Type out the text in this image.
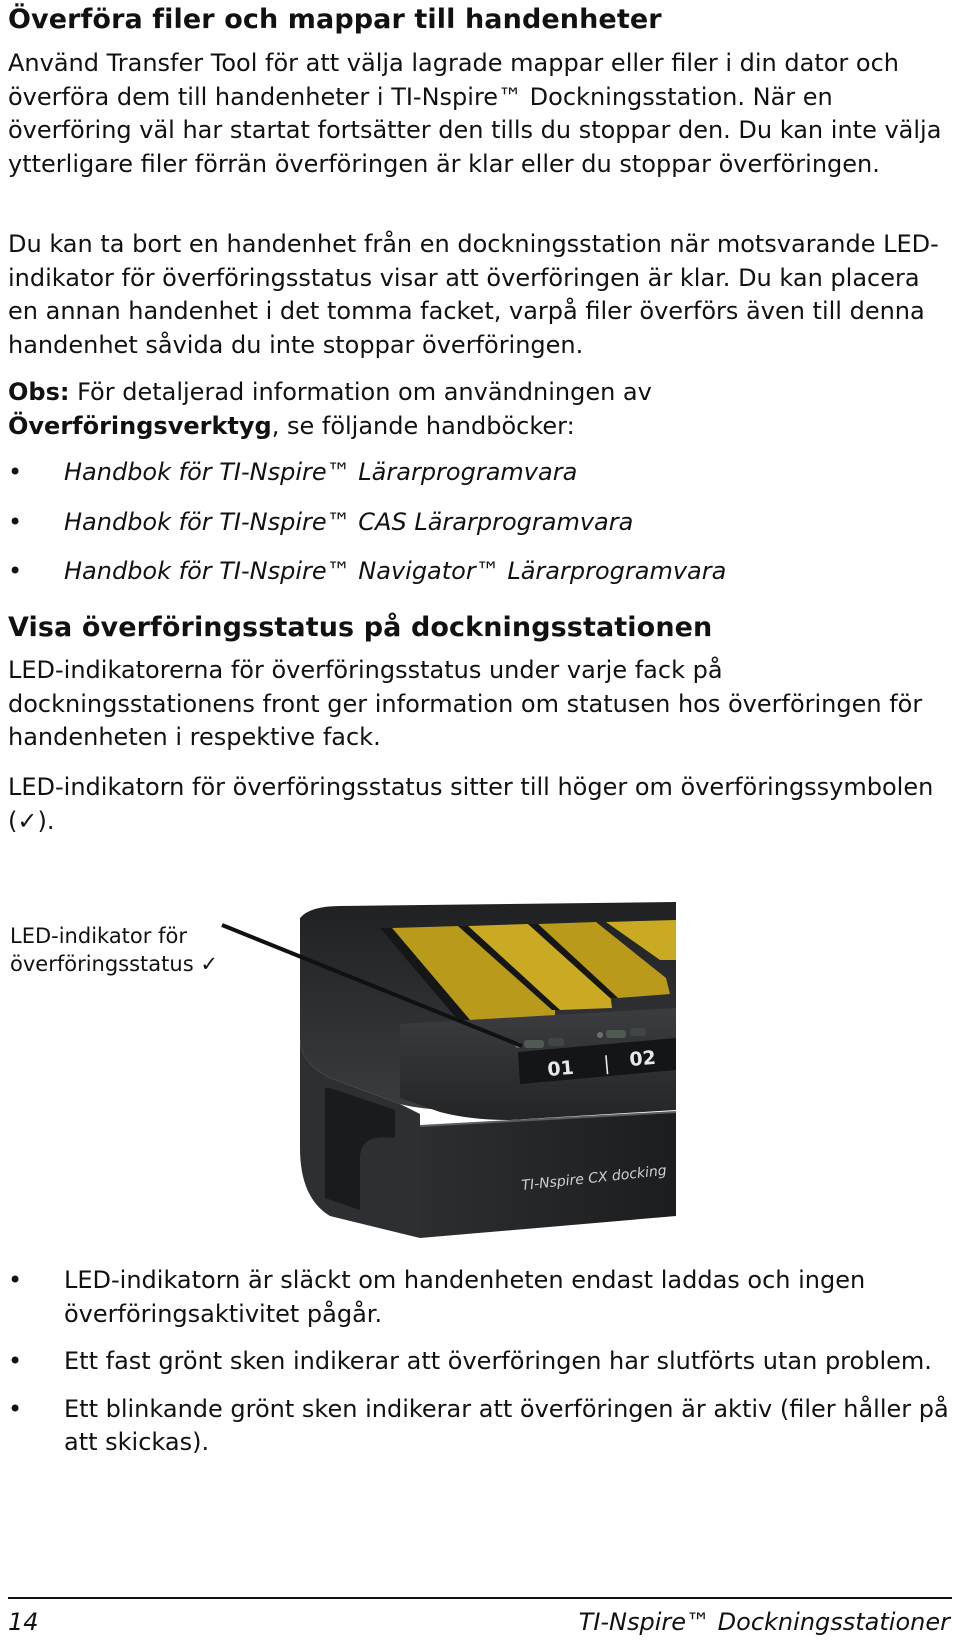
Överföra filer och mappar till handenheter

Använd Transfer Tool för att välja lagrade mappar eller filer i din dator och överföra dem till handenheter i TI-Nspire™ Dockningsstation. När en överföring väl har startat fortsätter den tills du stoppar den. Du kan inte välja ytterligare filer förrän överföringen är klar eller du stoppar överföringen.

Du kan ta bort en handenhet från en dockningsstation när motsvarande LED-indikator för överföringsstatus visar att överföringen är klar. Du kan placera en annan handenhet i det tomma facket, varpå filer överförs även till denna handenhet såvida du inte stoppar överföringen.

Obs: För detaljerad information om användningen av
Överföringsverktyg, se följande handböcker:

• Handbok för TI-Nspire™ Lärarprogramvara
• Handbok för TI-Nspire™ CAS Lärarprogramvara
• Handbok för TI-Nspire™ Navigator™ Lärarprogramvara
Visa överföringsstatus på dockningsstationen

LED-indikatorerna för överföringsstatus under varje fack på dockningsstationens front ger information om statusen hos överföringen för handenheten i respektive fack.

LED-indikatorn för överföringsstatus sitter till höger om överföringssymbolen (✓).

01 | 02
TI-Nspire CX docking

LED-indikator för
överföringsstatus ✓

• LED-indikatorn är släckt om handenheten endast laddas och ingen överföringsaktivitet pågår.
• Ett fast grönt sken indikerar att överföringen har slutförts utan problem.
• Ett blinkande grönt sken indikerar att överföringen är aktiv (filer håller på att skickas).
14	TI-Nspire™ Dockningsstationer
